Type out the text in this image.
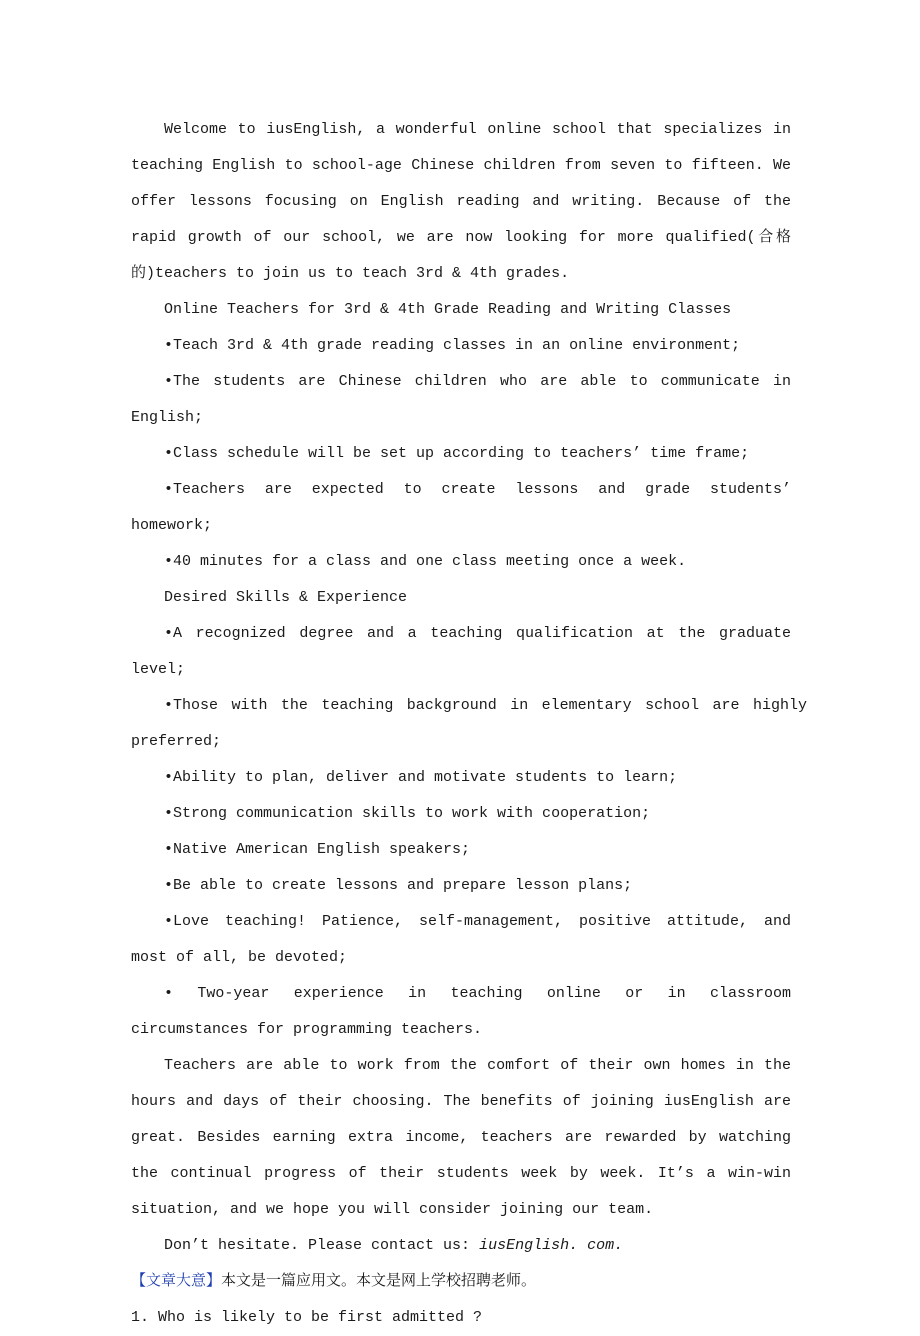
Welcome to iusEnglish, a wonderful online school that specializes in teaching English to school-age Chinese children from seven to fifteen. We offer lessons focusing on English reading and writing. Because of the rapid growth of our school, we are now looking for more qualified(合格的)teachers to join us to teach 3rd & 4th grades.

Online Teachers for 3rd & 4th Grade Reading and Writing Classes

•Teach 3rd & 4th grade reading classes in an online environment;

•The students are Chinese children who are able to communicate in English;

•Class schedule will be set up according to teachers’ time frame;

•Teachers are expected to create lessons and grade students’ homework;

•40 minutes for a class and one class meeting once a week.

Desired Skills & Experience

•A recognized degree and a teaching qualification at the graduate level;

•Those with the teaching background in elementary school are highly preferred;

•Ability to plan, deliver and motivate students to learn;

•Strong communication skills to work with cooperation;

•Native American English speakers;

•Be able to create lessons and prepare lesson plans;

•Love teaching! Patience, self-management, positive attitude, and most of all, be devoted;

• Two-year experience in teaching online or in classroom circumstances for programming teachers.

Teachers are able to work from the comfort of their own homes in the hours and days of their choosing. The benefits of joining iusEnglish are great. Besides earning extra income, teachers are rewarded by watching the continual progress of their students week by week. It’s a win-win situation, and we hope you will consider joining our team.

Don’t hesitate. Please contact us: iusEnglish. com.

【文章大意】本文是一篇应用文。本文是网上学校招聘老师。

1. Who is likely to be first admitted ?
